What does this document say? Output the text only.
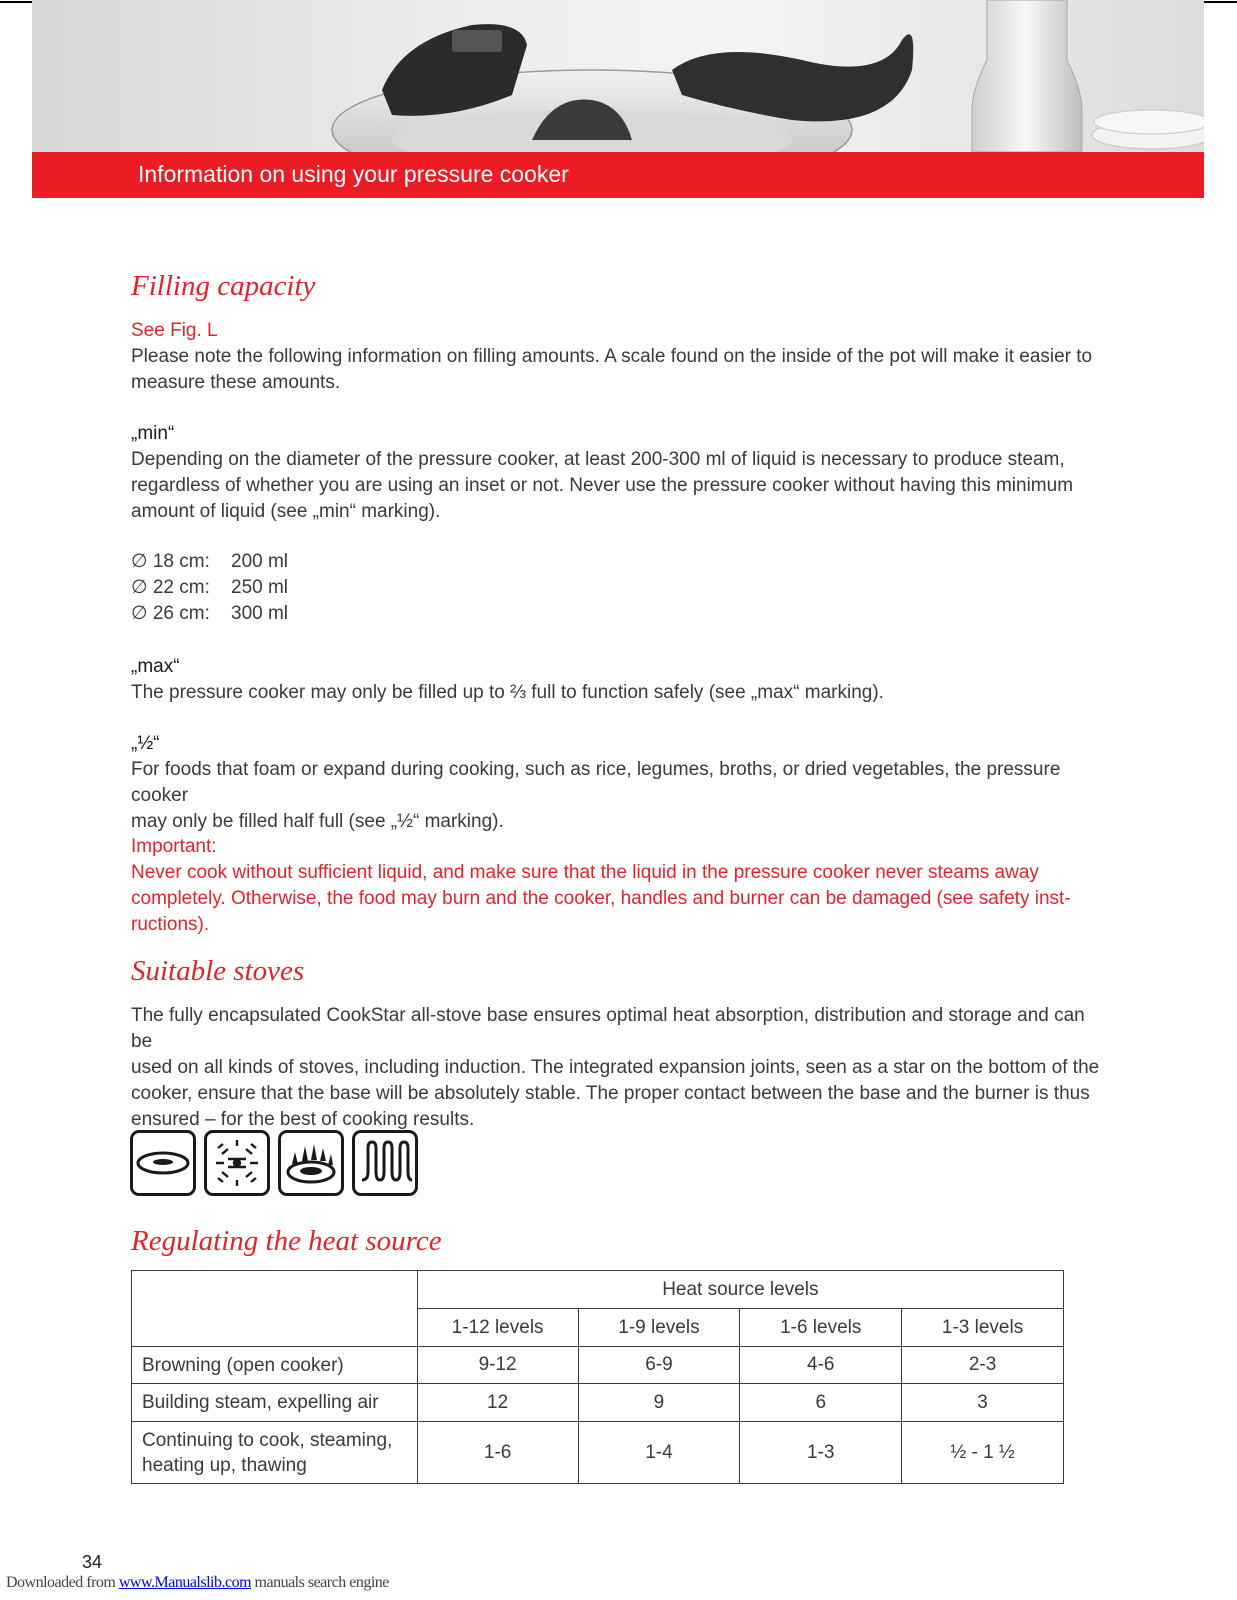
Information on using your pressure cooker
Filling capacity
See Fig. L
Please note the following information on filling amounts. A scale found on the inside of the pot will make it easier to
measure these amounts.
„min“
Depending on the diameter of the pressure cooker, at least 200-300 ml of liquid is necessary to produce steam,
regardless of whether you are using an inset or not. Never use the pressure cooker without having this minimum
amount of liquid (see „min“ marking).
∅ 18 cm:	200 ml
∅ 22 cm:	250 ml
∅ 26 cm:	300 ml
„max“
The pressure cooker may only be filled up to ⅔ full to function safely (see „max“ marking).
„½“
For foods that foam or expand during cooking, such as rice, legumes, broths, or dried vegetables, the pressure cooker
may only be filled half full (see „½“ marking).
Important:
Never cook without sufficient liquid, and make sure that the liquid in the pressure cooker never steams away
completely. Otherwise, the food may burn and the cooker, handles and burner can be damaged (see safety inst-
ructions).
Suitable stoves
The fully encapsulated CookStar all-stove base ensures optimal heat absorption, distribution and storage and can be
used on all kinds of stoves, including induction. The integrated expansion joints, seen as a star on the bottom of the
cooker, ensure that the base will be absolutely stable. The proper contact between the base and the burner is thus
ensured – for the best of cooking results.
Regulating the heat source
	Heat source levels			
	1-12 levels	1-9 levels	1-6 levels	1-3 levels
Browning (open cooker)	9-12	6-9	4-6	2-3
Building steam, expelling air	12	9	6	3

Continuing to cook, steaming,
heating up, thawing	1-6	1-4	1-3	½ - 1 ½
34
Downloaded from www.Manualslib.com manuals search engine
